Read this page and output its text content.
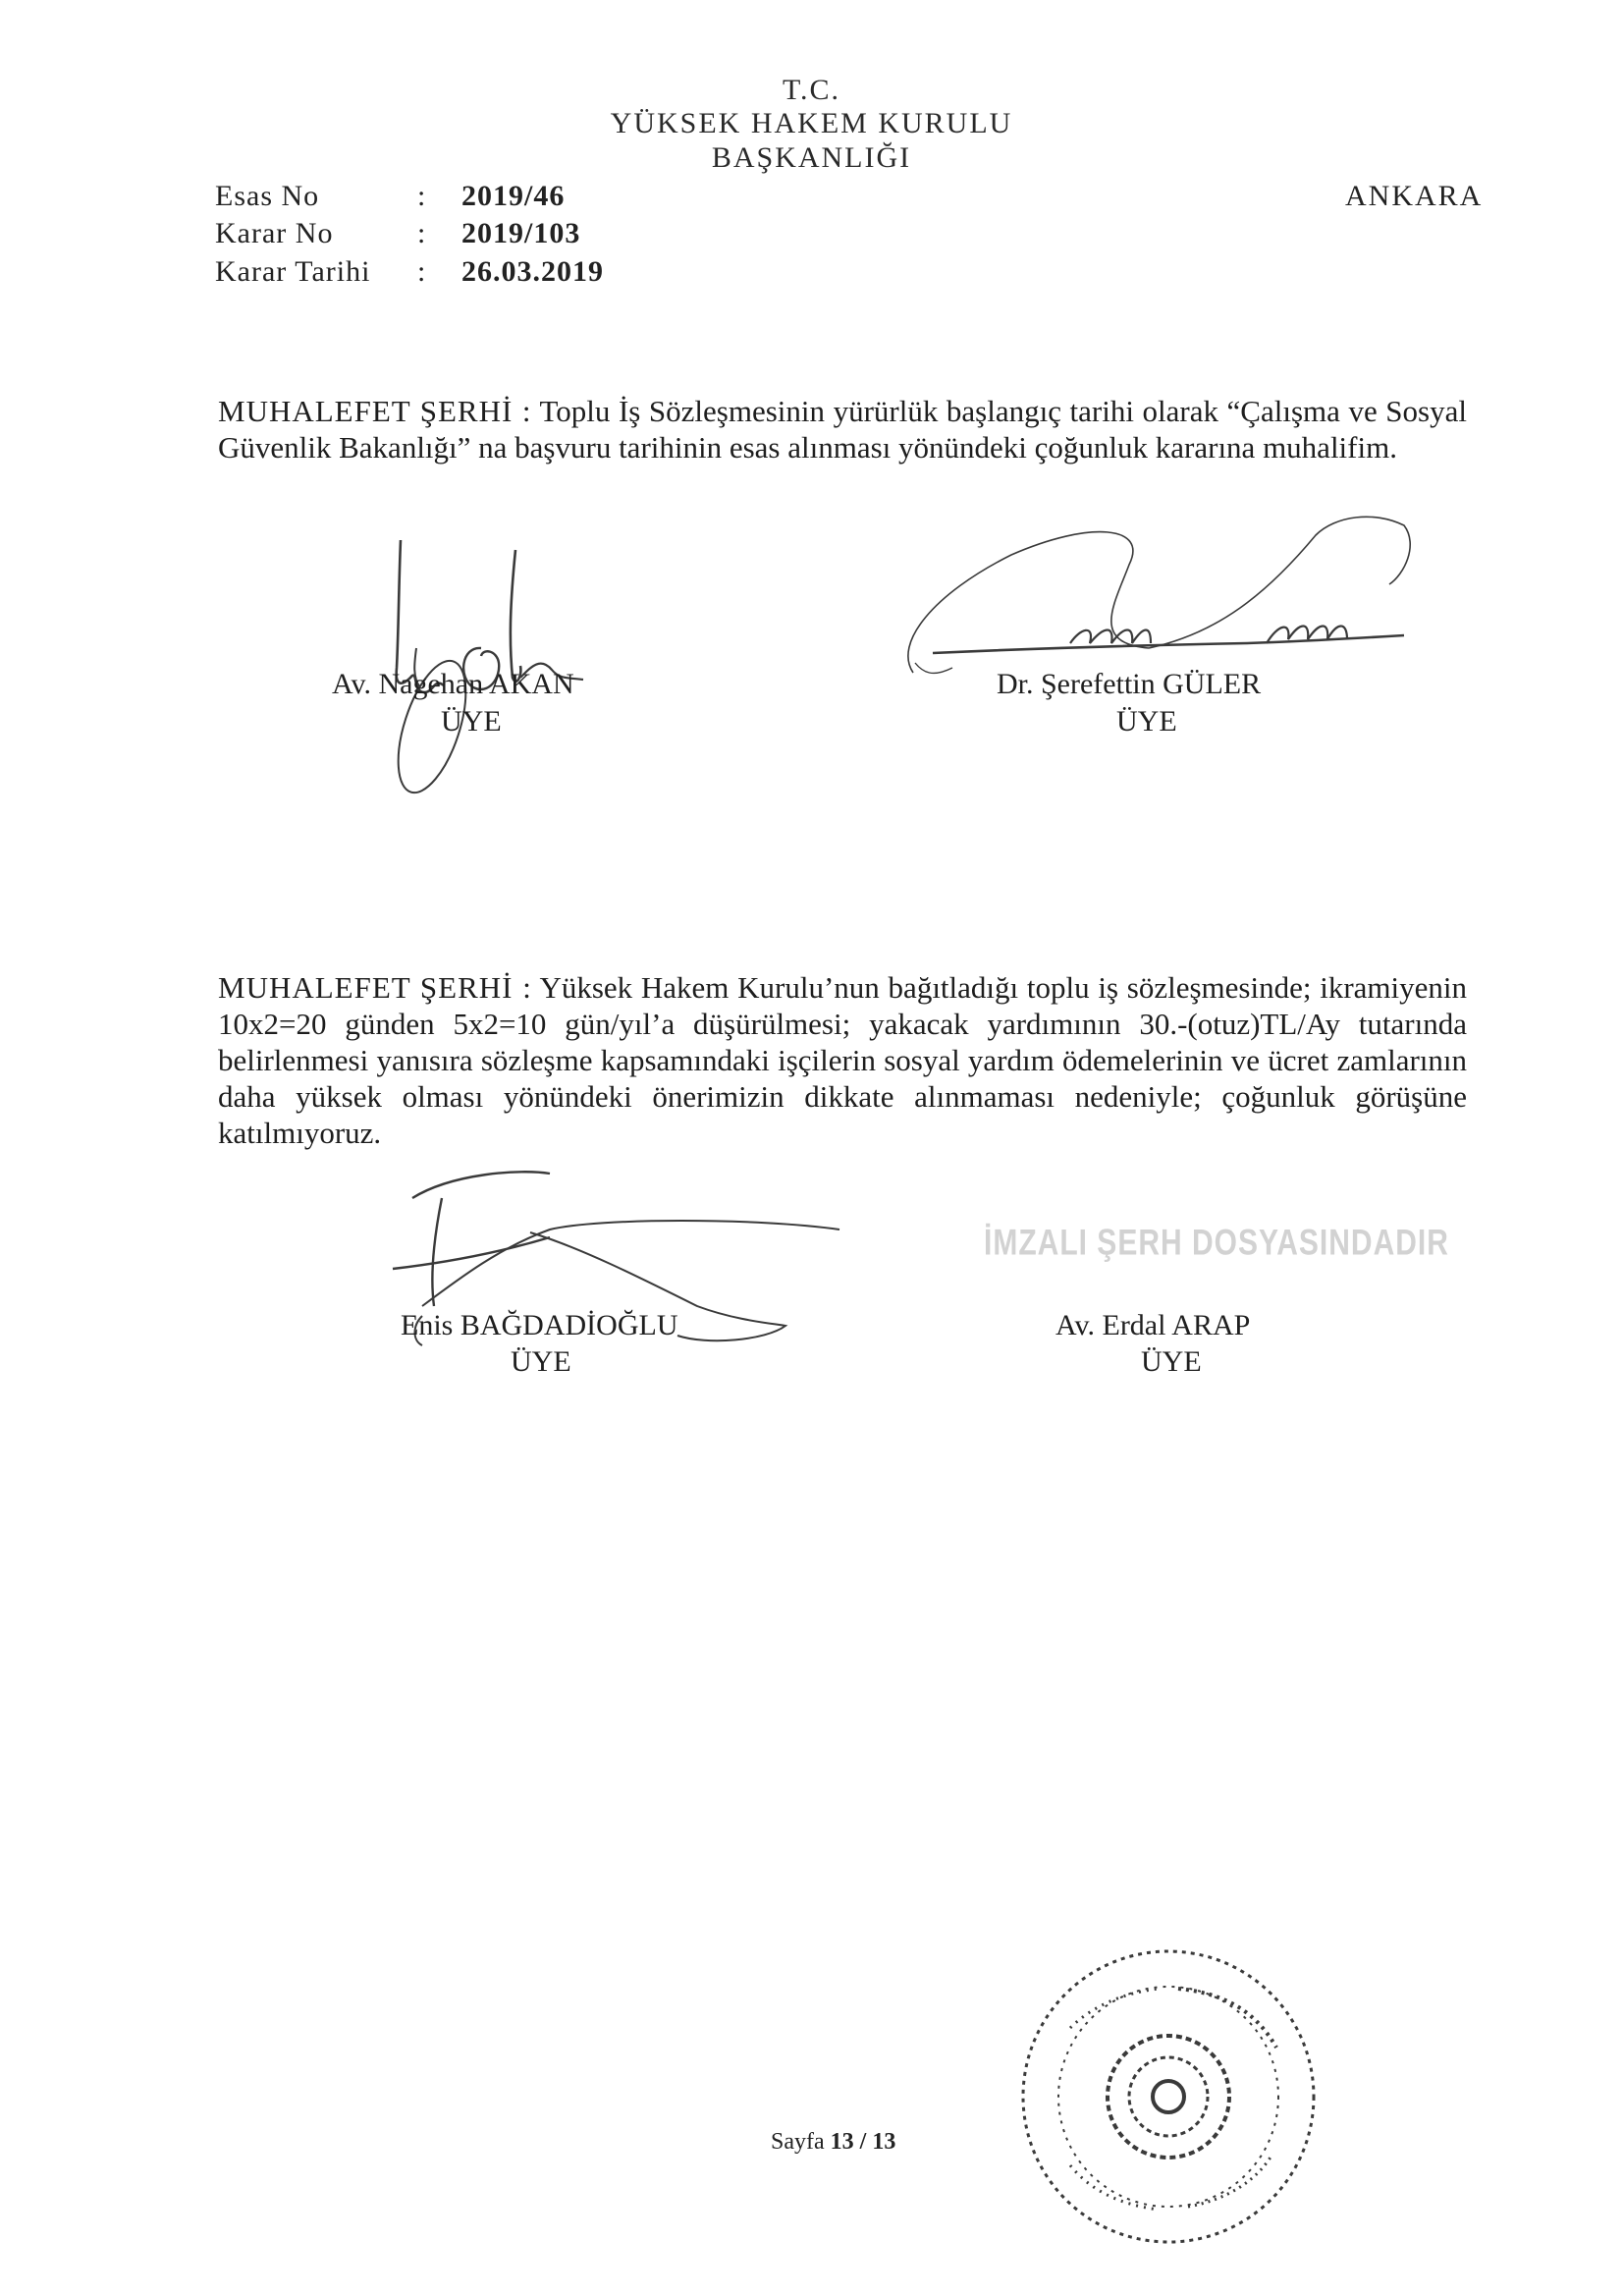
T.C.
YÜKSEK HAKEM KURULU
BAŞKANLIĞI
ANKARA
Esas No	: 2019/46
Karar No	: 2019/103
Karar Tarihi : 26.03.2019
MUHALEFET ŞERHİ : Toplu İş Sözleşmesinin yürürlük başlangıç tarihi olarak “Çalışma ve Sosyal Güvenlik Bakanlığı” na başvuru tarihinin esas alınması yönündeki çoğunluk kararına muhalifim.
Av. Nagehan AKAN
ÜYE
Dr. Şerefettin GÜLER
ÜYE
MUHALEFET ŞERHİ : Yüksek Hakem Kurulu’nun bağıtladığı toplu iş sözleşmesinde; ikramiyenin 10x2=20 günden 5x2=10 gün/yıl’a düşürülmesi; yakacak yardımının 30.-(otuz)TL/Ay tutarında belirlenmesi yanısıra sözleşme kapsamındaki işçilerin sosyal yardım ödemelerinin ve ücret zamlarının daha yüksek olması yönündeki önerimizin dikkate alınmaması nedeniyle; çoğunluk görüşüne katılmıyoruz.
Enis BAĞDADİOĞLU
ÜYE
İMZALI ŞERH DOSYASINDADIR
Av. Erdal ARAP
ÜYE
Sayfa 13 / 13
